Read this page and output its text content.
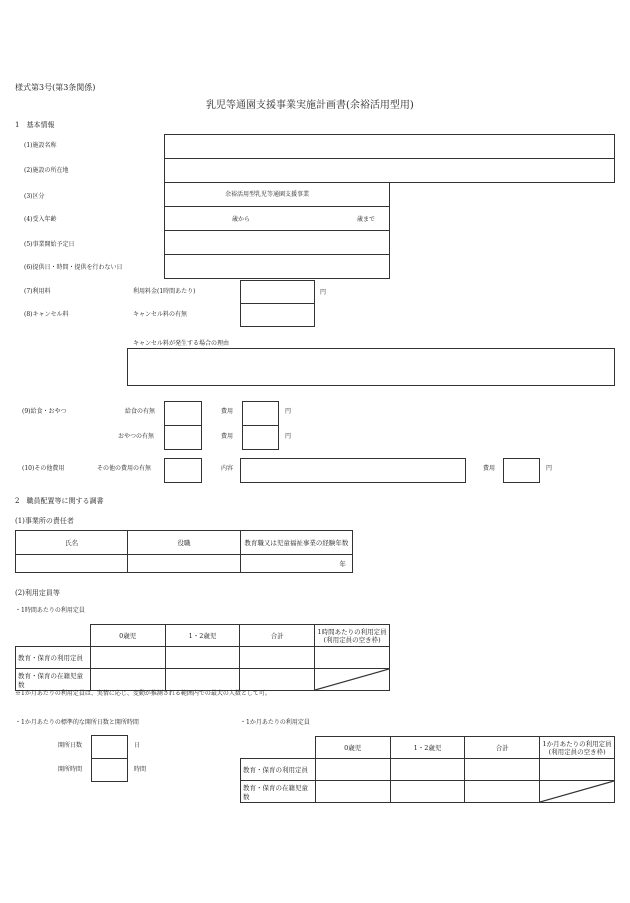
様式第3号(第3条関係)
乳児等通園支援事業実施計画書(余裕活用型用)
1　基本情報
(1)施設名称
(2)施設の所在地
(3)区分	余裕活用型乳児等通園支援事業
(4)受入年齢	歳から	歳まで
(5)事業開始予定日
(6)提供日・時間・提供を行わない日
(7)利用料	利用料金(1時間あたり)	円
(8)キャンセル料	キャンセル料の有無
キャンセル料が発生する場合の理由
(9)給食・おやつ	給食の有無	費用	円
おやつの有無	費用	円
(10)その他費用	その他の費用の有無	内容	費用	円
2　職員配置等に関する調書
(1)事業所の責任者
氏名	役職	教育職又は児童福祉事業の経験年数
		年
(2)利用定員等
・1時間あたりの利用定員
	0歳児	1・2歳児	合計	1時間あたりの利用定員(利用定員の空き枠)
教育・保育の利用定員				
教育・保育の在籍児童数				
※1か月あたりの利用定員は、実情に応じ、変動が推測される範囲内での最大の人数として可。
・1か月あたりの標準的な開所日数と開所時間
開所日数	日
開所時間	時間
・1か月あたりの利用定員
	0歳児	1・2歳児	合計	1か月あたりの利用定員(利用定員の空き枠)
教育・保育の利用定員				
教育・保育の在籍児童数				
